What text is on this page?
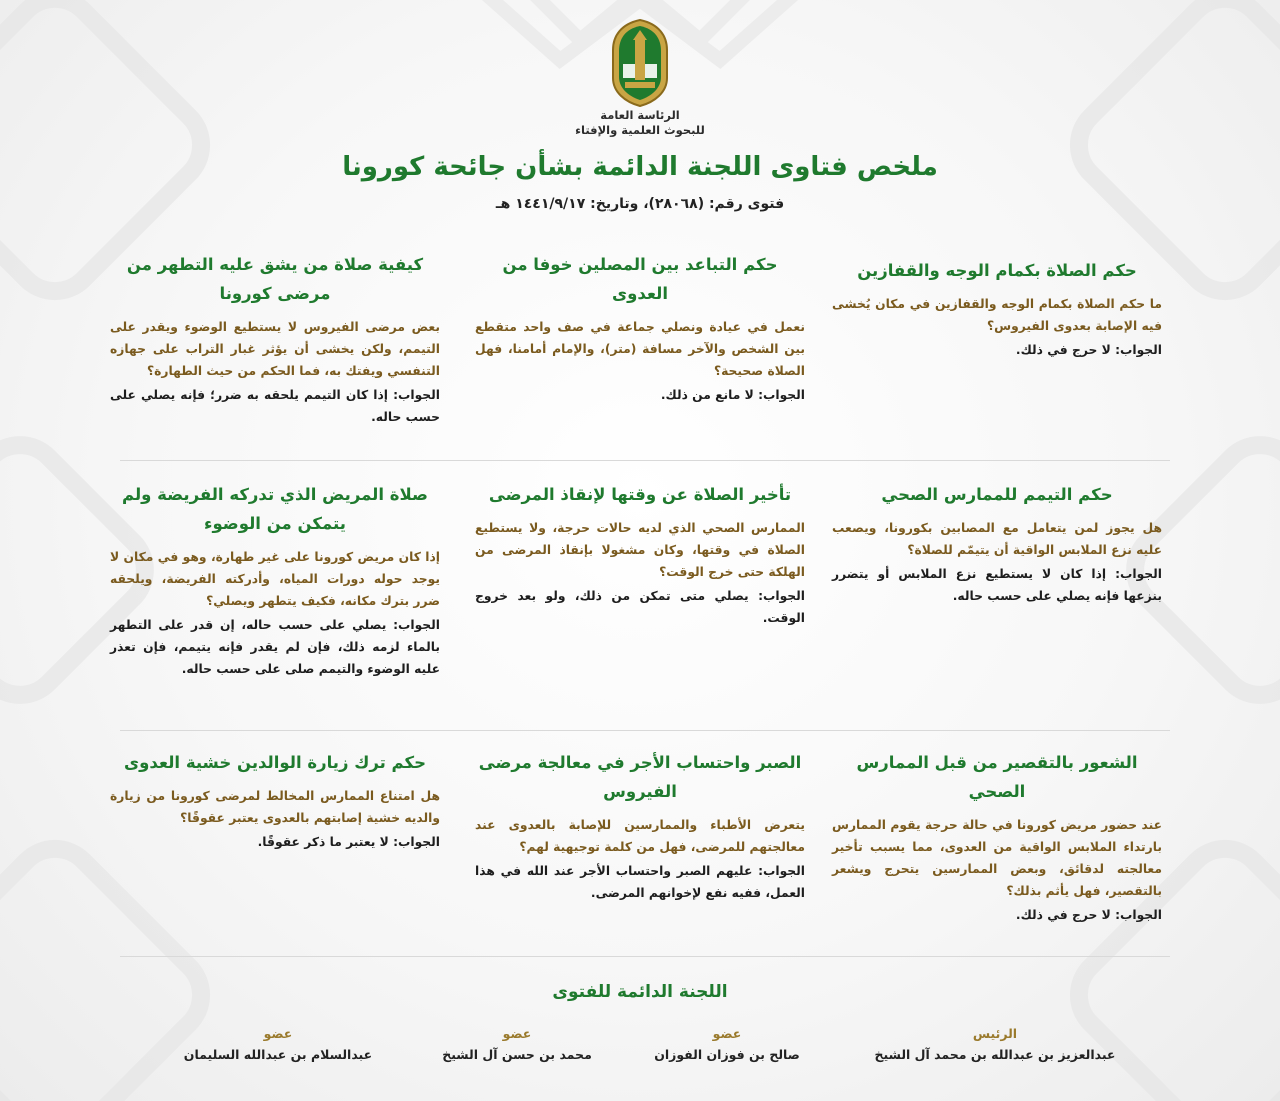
الرئاسة العامة
للبحوث العلمية والإفتاء
ملخص فتاوى اللجنة الدائمة بشأن جائحة كورونا
فتوى رقم: (٢٨٠٦٨)، وتاريخ: ١٤٤١/٩/١٧ هـ
حكم الصلاة بكمام الوجه والقفازين
ما حكم الصلاة بكمام الوجه والقفازين في مكان يُخشى فيه الإصابة بعدوى الفيروس؟
الجواب: لا حرج في ذلك.
حكم التباعد بين المصلين خوفا من العدوى
نعمل في عيادة ونصلي جماعة في صف واحد متقطع بين الشخص والآخر مسافة (متر)، والإمام أمامنا، فهل الصلاة صحيحة؟
الجواب: لا مانع من ذلك.
كيفية صلاة من يشق عليه التطهر من مرضى كورونا
بعض مرضى الفيروس لا يستطيع الوضوء ويقدر على التيمم، ولكن يخشى أن يؤثر غبار التراب على جهازه التنفسي ويفتك به، فما الحكم من حيث الطهارة؟
الجواب: إذا كان التيمم يلحقه به ضرر؛ فإنه يصلي على حسب حاله.
حكم التيمم للممارس الصحي
هل يجوز لمن يتعامل مع المصابين بكورونا، ويصعب عليه نزع الملابس الواقية أن يتيمّم للصلاة؟
الجواب: إذا كان لا يستطيع نزع الملابس أو يتضرر بنزعها فإنه يصلي على حسب حاله.
تأخير الصلاة عن وقتها لإنقاذ المرضى
الممارس الصحي الذي لديه حالات حرجة، ولا يستطيع الصلاة في وقتها، وكان مشغولا بإنقاذ المرضى من الهلكة حتى خرج الوقت؟
الجواب: يصلي متى تمكن من ذلك، ولو بعد خروج الوقت.
صلاة المريض الذي تدركه الفريضة ولم يتمكن من الوضوء
إذا كان مريض كورونا على غير طهارة، وهو في مكان لا يوجد حوله دورات المياه، وأدركته الفريضة، ويلحقه ضرر بترك مكانه، فكيف يتطهر ويصلي؟
الجواب: يصلي على حسب حاله، إن قدر على التطهر بالماء لزمه ذلك، فإن لم يقدر فإنه يتيمم، فإن تعذر عليه الوضوء والتيمم صلى على حسب حاله.
الشعور بالتقصير من قبل الممارس الصحي
عند حضور مريض كورونا في حالة حرجة يقوم الممارس بارتداء الملابس الواقية من العدوى، مما يسبب تأخير معالجته لدقائق، وبعض الممارسين يتحرج ويشعر بالتقصير، فهل يأثم بذلك؟
الجواب: لا حرج في ذلك.
الصبر واحتساب الأجر في معالجة مرضى الفيروس
يتعرض الأطباء والممارسين للإصابة بالعدوى عند معالجتهم للمرضى، فهل من كلمة توجيهية لهم؟
الجواب: عليهم الصبر واحتساب الأجر عند الله في هذا العمل، ففيه نفع لإخوانهم المرضى.
حكم ترك زيارة الوالدين خشية العدوى
هل امتناع الممارس المخالط لمرضى كورونا من زيارة والديه خشية إصابتهم بالعدوى يعتبر عقوقًا؟
الجواب: لا يعتبر ما ذكر عقوقًا.
اللجنة الدائمة للفتوى
الرئيس
عبدالعزيز بن عبدالله بن محمد آل الشيخ
عضو
صالح بن فوزان الفوزان
عضو
محمد بن حسن آل الشيخ
عضو
عبدالسلام بن عبدالله السليمان
